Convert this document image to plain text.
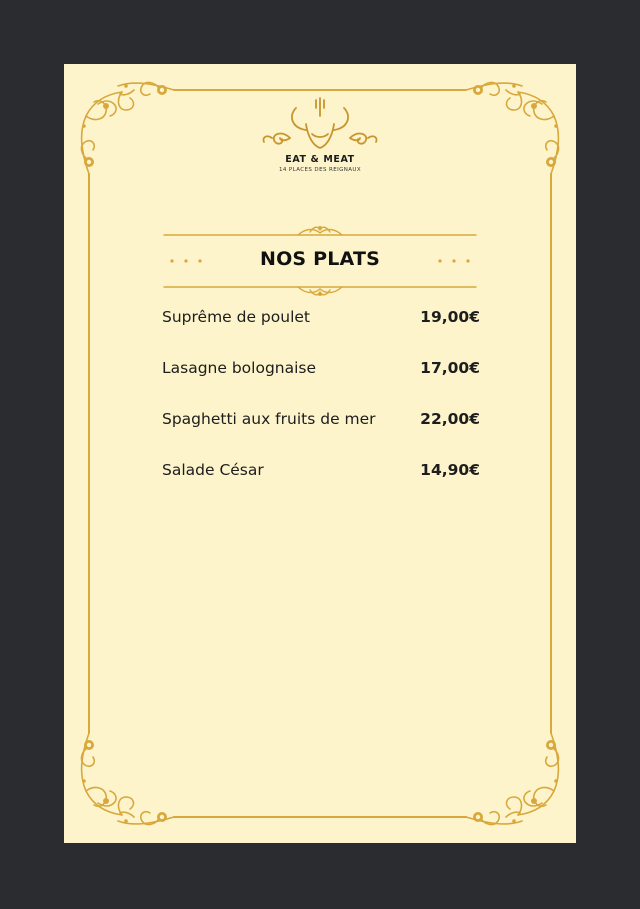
EAT & MEAT
14 PLACES DES REIGNAUX
NOS PLATS
Suprême de poulet	19,00€
Lasagne bolognaise	17,00€
Spaghetti aux fruits de mer	22,00€
Salade César	14,90€
